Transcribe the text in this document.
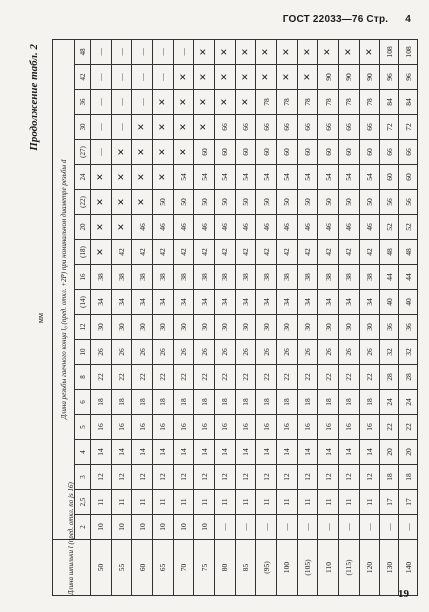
ГОСТ 22033—76 Стр. 4
Продолжение табл. 2
мм
Длина шпильки l (пред. откл. по js 16)	Длина резьбы гаечного конца l₀ (пред. откл. +2P) при номинальном диаметре резьбы d																			
	2	2,5	3	4	5	6	8	10	12	(14)	16	(18)	20	(22)	24	(27)	30	36	42	48
50	10	11	12	14	16	18	22	26	30	34	38	✕	✕	✕	✕	—	—	—	—	—
55	10	11	12	14	16	18	22	26	30	34	38	42	✕	✕	✕	✕	—	—	—	—
60	10	11	12	14	16	18	22	26	30	34	38	42	46	✕	✕	✕	✕	—	—	—
65	10	11	12	14	16	18	22	26	30	34	38	42	46	50	✕	✕	✕	✕	—	—
70	10	11	12	14	16	18	22	26	30	34	38	42	46	50	54	✕	✕	✕	✕	—
75	10	11	12	14	16	18	22	26	30	34	38	42	46	50	54	60	✕	✕	✕	✕
80	—	11	12	14	16	18	22	26	30	34	38	42	46	50	54	60	66	✕	✕	✕
85	—	11	12	14	16	18	22	26	30	34	38	42	46	50	54	60	66	✕	✕	✕
(95)	—	11	12	14	16	18	22	26	30	34	38	42	46	50	54	60	66	78	✕	✕
100	—	11	12	14	16	18	22	26	30	34	38	42	46	50	54	60	66	78	✕	✕
(105)	—	11	12	14	16	18	22	26	30	34	38	42	46	50	54	60	66	78	✕	✕
110	—	11	12	14	16	18	22	26	30	34	38	42	46	50	54	60	66	78	90	✕
(115)	—	11	12	14	16	18	22	26	30	34	38	42	46	50	54	60	66	78	90	✕
120	—	11	12	14	16	18	22	26	30	34	38	42	46	50	54	60	66	78	90	✕
130	—	17	18	20	22	24	28	32	36	40	44	48	52	56	60	66	72	84	96	108
140	—	17	18	20	22	24	28	32	36	40	44	48	52	56	60	66	72	84	96	108
19
